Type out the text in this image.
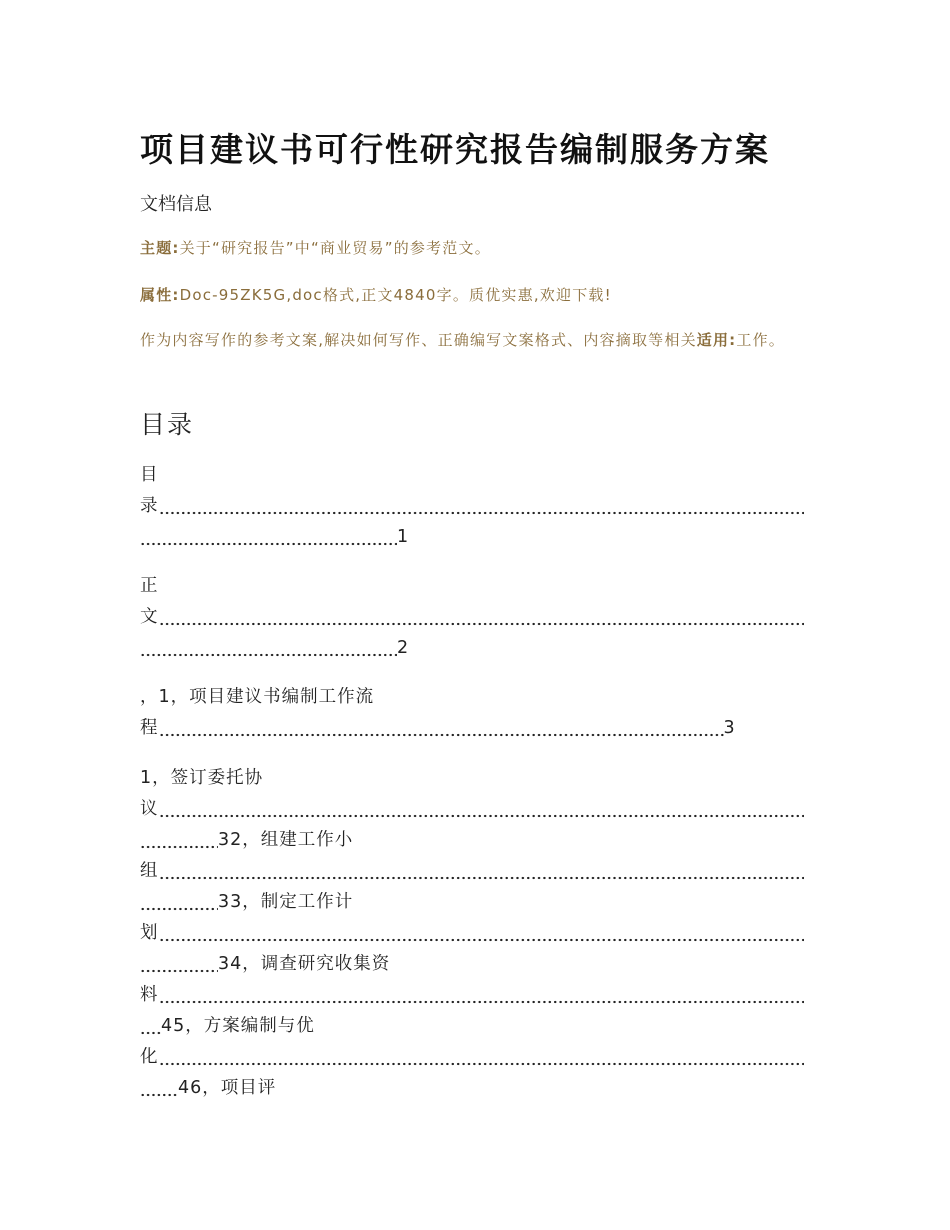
项目建议书可行性研究报告编制服务方案
文档信息
主题:关于“研究报告”中“商业贸易”的参考范文。
属性:Doc-95ZK5G,doc格式,正文4840字。质优实惠,欢迎下载!
作为内容写作的参考文案,解决如何写作、正确编写文案格式、内容摘取等相关适用:工作。
目录
目
录
1
正
文
2
，1，项目建议书编制工作流
程	3
1，签订委托协
议
32，组建工作小
组
33，制定工作计
划
34，调查研究收集资
料
45，方案编制与优
化
46，项目评
